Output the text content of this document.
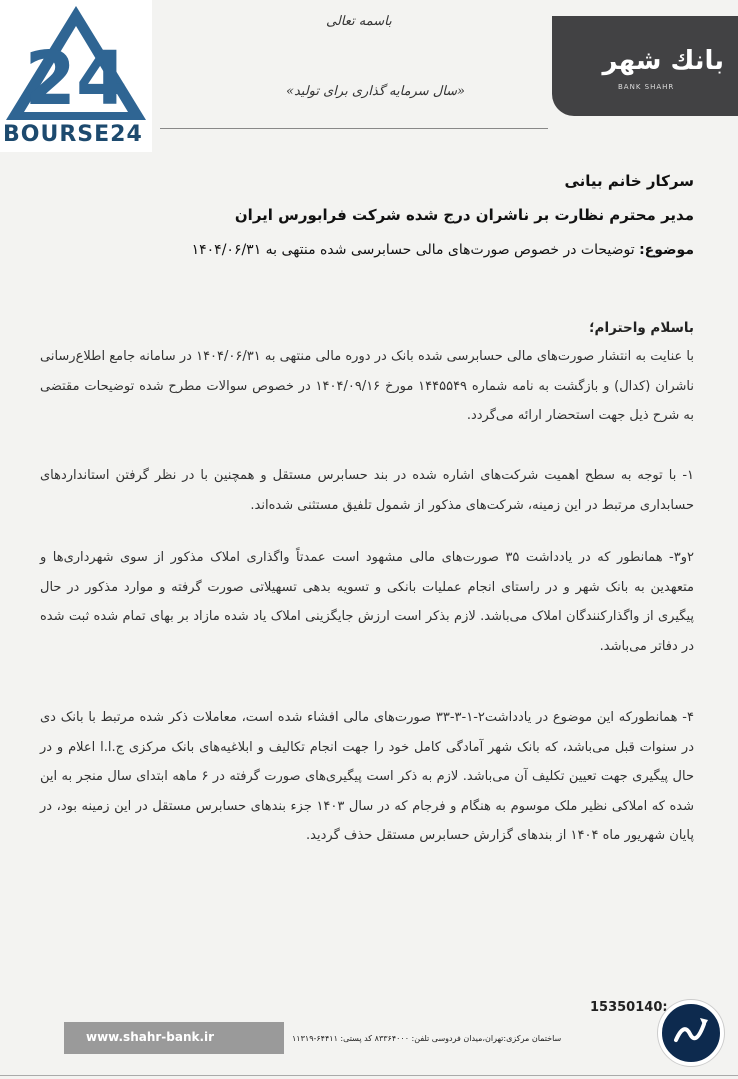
24
BOURSE24
باسمه تعالی
«سال سرمایه گذاری برای تولید»
بانك شهر
BANK SHAHR
سرکار خانم بیانی
مدیر محترم نظارت بر ناشران درج شده شرکت فرابورس ایران
موضوع: توضیحات در خصوص صورت‌های مالی حسابرسی شده منتهی به ۱۴۰۴/۰۶/۳۱
باسلام واحترام؛
با عنایت به انتشار صورت‌های مالی حسابرسی شده بانک در دوره مالی منتهی به ۱۴۰۴/۰۶/۳۱ در سامانه جامع اطلاع‌رسانی ناشران (کدال) و بازگشت به نامه شماره ۱۴۴۵۵۴۹ مورخ ۱۴۰۴/۰۹/۱۶ در خصوص سوالات مطرح شده توضیحات مقتضی به شرح ذیل جهت استحضار ارائه می‌گردد.
۱- با توجه به سطح اهمیت شرکت‌های اشاره شده در بند حسابرس مستقل و همچنین با در نظر گرفتن استانداردهای حسابداری مرتبط در این زمینه، شرکت‌های مذکور از شمول تلفیق مستثنی شده‌اند.
۲و۳- همانطور که در یادداشت ۳۵ صورت‌های مالی مشهود است عمدتاً واگذاری املاک مذکور از سوی شهرداری‌ها و متعهدین به بانک شهر و در راستای انجام عملیات بانکی و تسویه بدهی تسهیلاتی صورت گرفته و موارد مذکور در حال پیگیری از واگذارکنندگان املاک می‌باشد. لازم بذکر است ارزش جایگزینی املاک یاد شده مازاد بر بهای تمام شده ثبت شده در دفاتر می‌باشد.
۴- همانطورکه این موضوع در یادداشت۲-۱-۳-۳۳ صورت‌های مالی افشاء شده است، معاملات ذکر شده مرتبط با بانک دی در سنوات قبل می‌باشد، که بانک شهر آمادگی کامل خود را جهت انجام تکالیف و ابلاغیه‌های بانک مرکزی ج.ا.ا اعلام و در حال پیگیری جهت تعیین تکلیف آن می‌باشد. لازم به ذکر است پیگیری‌های صورت گرفته در ۶ ماهه ابتدای سال منجر به این شده که املاکی نظیر ملک موسوم به هنگام و فرجام که در سال ۱۴۰۳ جزء بندهای حسابرس مستقل در این زمینه بود، در پایان شهریور ماه ۱۴۰۴ از بندهای گزارش حسابرس مستقل حذف گردید.
15350140:
www.shahr-bank.ir	ساختمان مرکزی:تهران،میدان فردوسی تلفن: ۸۳۳۶۴۰۰۰ کد پستی: ۶۴۴۱۱-۱۱۳۱۹
